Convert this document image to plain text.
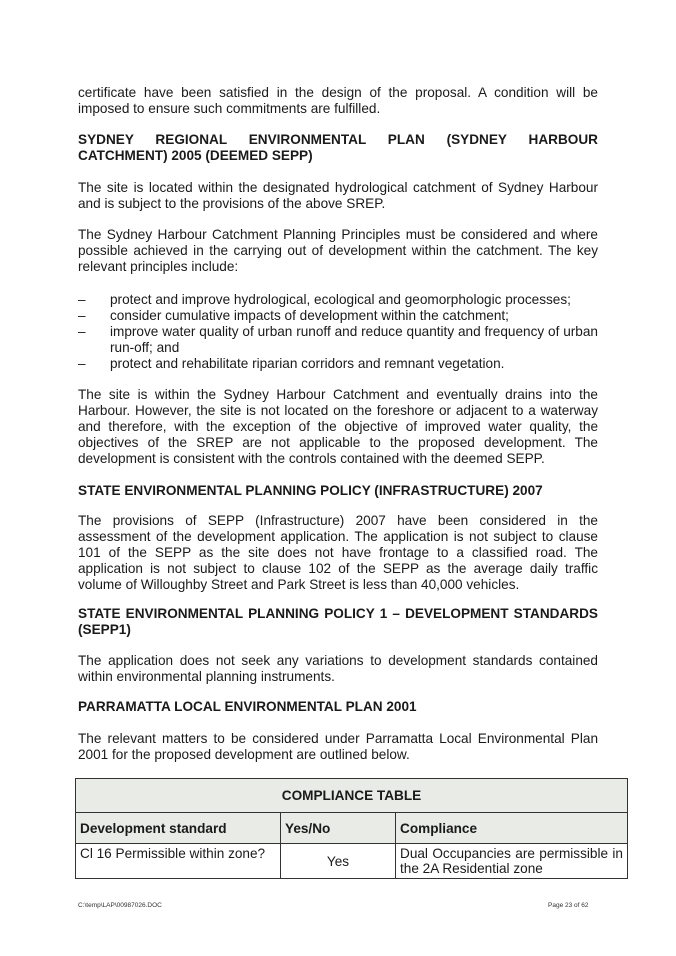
certificate have been satisfied in the design of the proposal. A condition will be imposed to ensure such commitments are fulfilled.

SYDNEY REGIONAL ENVIRONMENTAL PLAN (SYDNEY HARBOUR CATCHMENT) 2005 (DEEMED SEPP)

The site is located within the designated hydrological catchment of Sydney Harbour and is subject to the provisions of the above SREP.

The Sydney Harbour Catchment Planning Principles must be considered and where possible achieved in the carrying out of development within the catchment. The key relevant principles include:

– protect and improve hydrological, ecological and geomorphologic processes;
– consider cumulative impacts of development within the catchment;
– improve water quality of urban runoff and reduce quantity and frequency of urban run-off; and
– protect and rehabilitate riparian corridors and remnant vegetation.

The site is within the Sydney Harbour Catchment and eventually drains into the Harbour. However, the site is not located on the foreshore or adjacent to a waterway and therefore, with the exception of the objective of improved water quality, the objectives of the SREP are not applicable to the proposed development. The development is consistent with the controls contained with the deemed SEPP.

STATE ENVIRONMENTAL PLANNING POLICY (INFRASTRUCTURE) 2007

The provisions of SEPP (Infrastructure) 2007 have been considered in the assessment of the development application. The application is not subject to clause 101 of the SEPP as the site does not have frontage to a classified road. The application is not subject to clause 102 of the SEPP as the average daily traffic volume of Willoughby Street and Park Street is less than 40,000 vehicles.

STATE ENVIRONMENTAL PLANNING POLICY 1 – DEVELOPMENT STANDARDS (SEPP1)

The application does not seek any variations to development standards contained within environmental planning instruments.

PARRAMATTA LOCAL ENVIRONMENTAL PLAN 2001

The relevant matters to be considered under Parramatta Local Environmental Plan 2001 for the proposed development are outlined below.

COMPLIANCE TABLE		
Development standard	Yes/No	Compliance
Cl 16 Permissible within zone?	Yes	Dual Occupancies are permissible in the 2A Residential zone
C:\temp\LAP\00987026.DOC	Page 23 of 62
